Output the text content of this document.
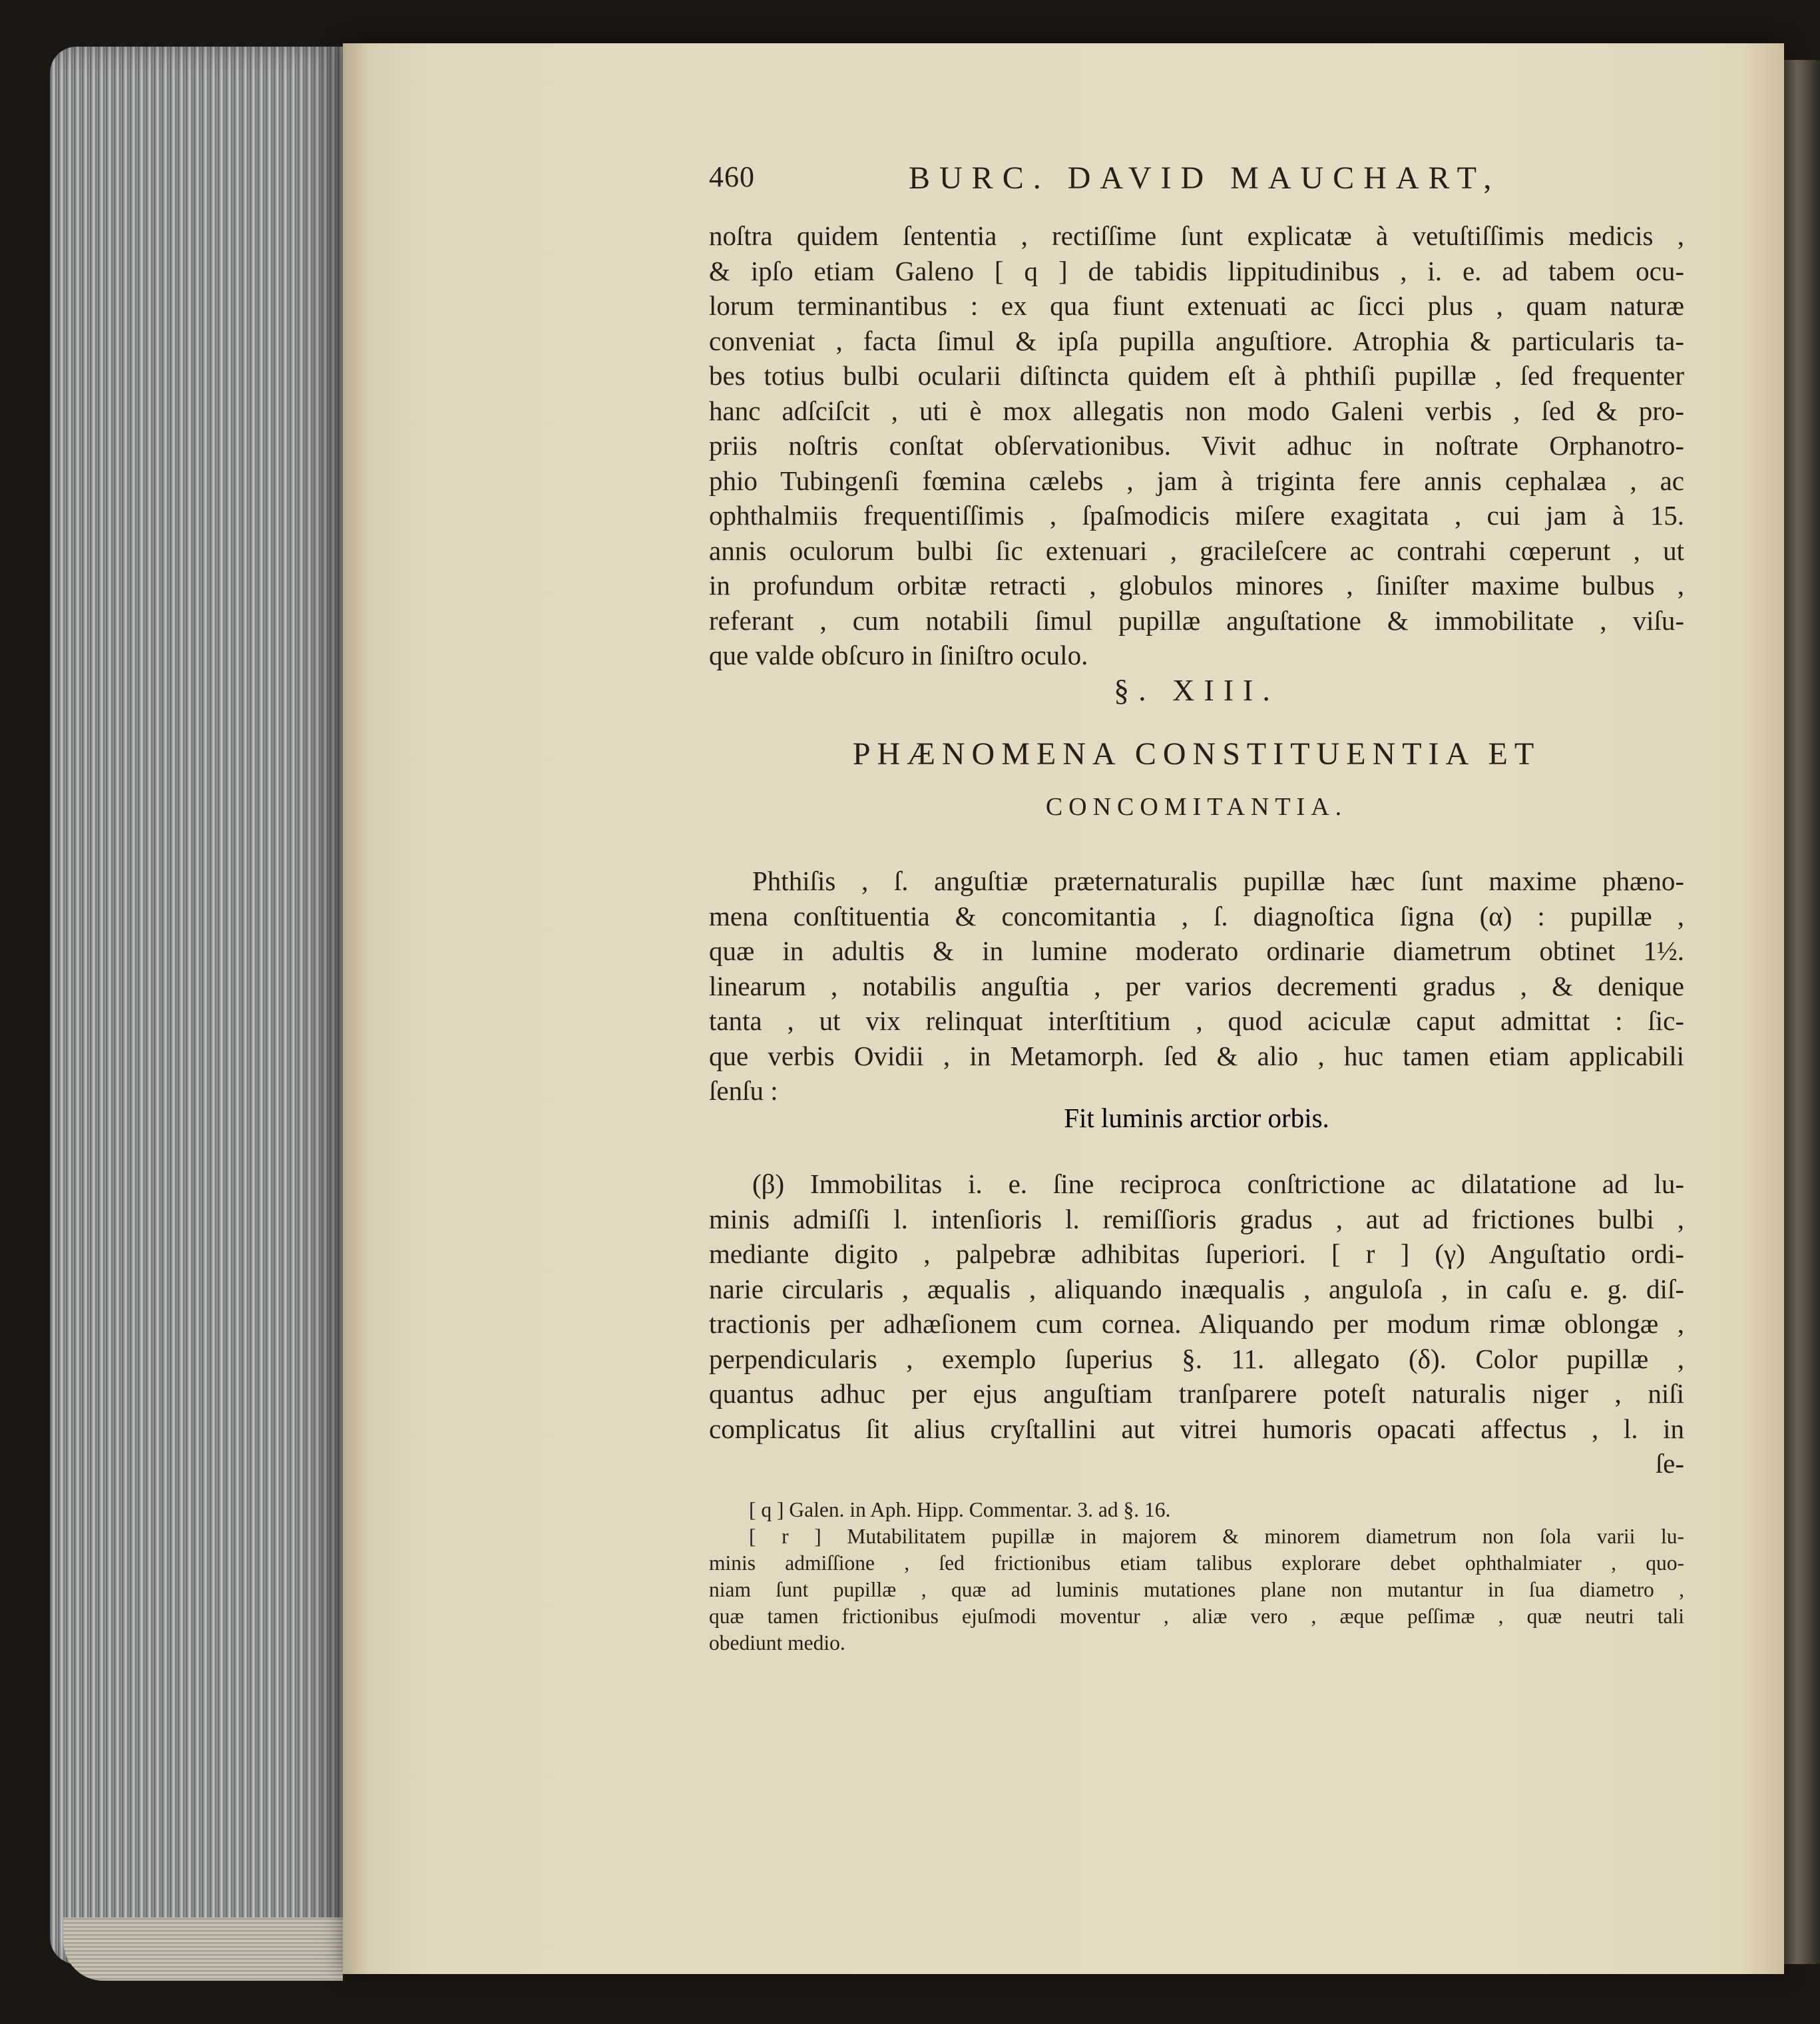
460	BURC. DAVID MAUCHART,
noſtra quidem ſententia , rectiſſime ſunt explicatæ à vetuſtiſſimis medicis ,
& ipſo etiam Galeno [ q ] de tabidis lippitudinibus , i. e. ad tabem ocu-
lorum terminantibus : ex qua fiunt extenuati ac ſicci plus , quam naturæ
conveniat , facta ſimul & ipſa pupilla anguſtiore. Atrophia & particularis ta-
bes totius bulbi ocularii diſtincta quidem eſt à phthiſi pupillæ , ſed frequenter
hanc adſciſcit , uti è mox allegatis non modo Galeni verbis , ſed & pro-
priis noſtris conſtat obſervationibus. Vivit adhuc in noſtrate Orphanotro-
phio Tubingenſi fœmina cælebs , jam à triginta fere annis cephalæa , ac
ophthalmiis frequentiſſimis , ſpaſmodicis miſere exagitata , cui jam à 15.
annis oculorum bulbi ſic extenuari , gracileſcere ac contrahi cœperunt , ut
in profundum orbitæ retracti , globulos minores , ſiniſter maxime bulbus ,
referant , cum notabili ſimul pupillæ anguſtatione & immobilitate , viſu-
que valde obſcuro in ſiniſtro oculo.
§. XIII.
PHÆNOMENA CONSTITUENTIA ET
CONCOMITANTIA.
Phthiſis , ſ. anguſtiæ præternaturalis pupillæ hæc ſunt maxime phæno-
mena conſtituentia & concomitantia , ſ. diagnoſtica ſigna (α) : pupillæ ,
quæ in adultis & in lumine moderato ordinarie diametrum obtinet 1½.
linearum , notabilis anguſtia , per varios decrementi gradus , & denique
tanta , ut vix relinquat interſtitium , quod aciculæ caput admittat : ſic-
que verbis Ovidii , in Metamorph. ſed & alio , huc tamen etiam applicabili
ſenſu :
Fit luminis arctior orbis.
(β) Immobilitas i. e. ſine reciproca conſtrictione ac dilatatione ad lu-
minis admiſſi l. intenſioris l. remiſſioris gradus , aut ad frictiones bulbi ,
mediante digito , palpebræ adhibitas ſuperiori. [ r ] (γ) Anguſtatio ordi-
narie circularis , æqualis , aliquando inæqualis , anguloſa , in caſu e. g. diſ-
tractionis per adhæſionem cum cornea. Aliquando per modum rimæ oblongæ ,
perpendicularis , exemplo ſuperius §. 11. allegato (δ). Color pupillæ ,
quantus adhuc per ejus anguſtiam tranſparere poteſt naturalis niger , niſi
complicatus ſit alius cryſtallini aut vitrei humoris opacati affectus , l. in
ſe-
[ q ] Galen. in Aph. Hipp. Commentar. 3. ad §. 16.
[ r ] Mutabilitatem pupillæ in majorem & minorem diametrum non ſola varii lu-
minis admiſſione , ſed frictionibus etiam talibus explorare debet ophthalmiater , quo-
niam ſunt pupillæ , quæ ad luminis mutationes plane non mutantur in ſua diametro ,
quæ tamen frictionibus ejuſmodi moventur , aliæ vero , æque peſſimæ , quæ neutri tali
obediunt medio.
